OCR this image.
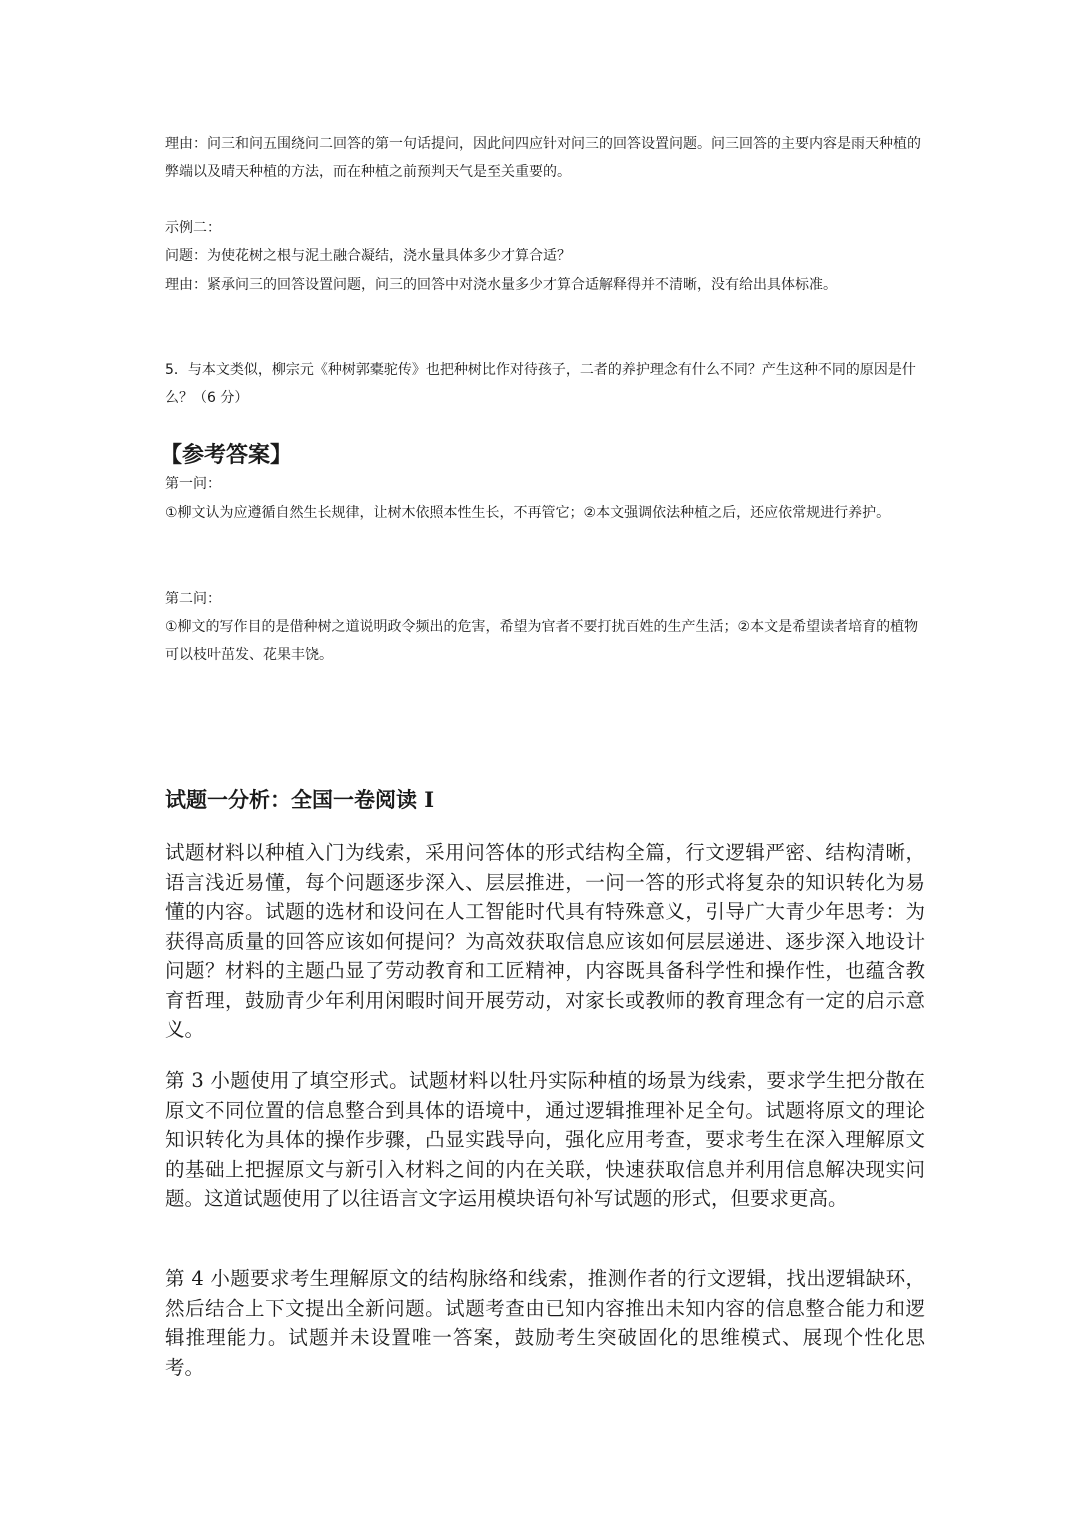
理由：问三和问五围绕问二回答的第一句话提问，因此问四应针对问三的回答设置问题。问三回答的主要内容是雨天种植的弊端以及晴天种植的方法，而在种植之前预判天气是至关重要的。

示例二：

问题：为使花树之根与泥土融合凝结，浇水量具体多少才算合适？

理由：紧承问三的回答设置问题，问三的回答中对浇水量多少才算合适解释得并不清晰，没有给出具体标准。

5．与本文类似，柳宗元《种树郭橐驼传》也把种树比作对待孩子，二者的养护理念有什么不同？产生这种不同的原因是什么？（6 分）

【参考答案】

第一问：

①柳文认为应遵循自然生长规律，让树木依照本性生长，不再管它；②本文强调依法种植之后，还应依常规进行养护。

第二问：

①柳文的写作目的是借种树之道说明政令频出的危害，希望为官者不要打扰百姓的生产生活；②本文是希望读者培育的植物可以枝叶茁发、花果丰饶。

试题一分析：全国一卷阅读 I

试题材料以种植入门为线索，采用问答体的形式结构全篇，行文逻辑严密、结构清晰，语言浅近易懂，每个问题逐步深入、层层推进，一问一答的形式将复杂的知识转化为易懂的内容。试题的选材和设问在人工智能时代具有特殊意义，引导广大青少年思考：为获得高质量的回答应该如何提问？为高效获取信息应该如何层层递进、逐步深入地设计问题？材料的主题凸显了劳动教育和工匠精神，内容既具备科学性和操作性，也蕴含教育哲理，鼓励青少年利用闲暇时间开展劳动，对家长或教师的教育理念有一定的启示意义。

第 3 小题使用了填空形式。试题材料以牡丹实际种植的场景为线索，要求学生把分散在原文不同位置的信息整合到具体的语境中，通过逻辑推理补足全句。试题将原文的理论知识转化为具体的操作步骤，凸显实践导向，强化应用考查，要求考生在深入理解原文的基础上把握原文与新引入材料之间的内在关联，快速获取信息并利用信息解决现实问题。这道试题使用了以往语言文字运用模块语句补写试题的形式，但要求更高。

第 4 小题要求考生理解原文的结构脉络和线索，推测作者的行文逻辑，找出逻辑缺环，然后结合上下文提出全新问题。试题考查由已知内容推出未知内容的信息整合能力和逻辑推理能力。试题并未设置唯一答案，鼓励考生突破固化的思维模式、展现个性化思考。
